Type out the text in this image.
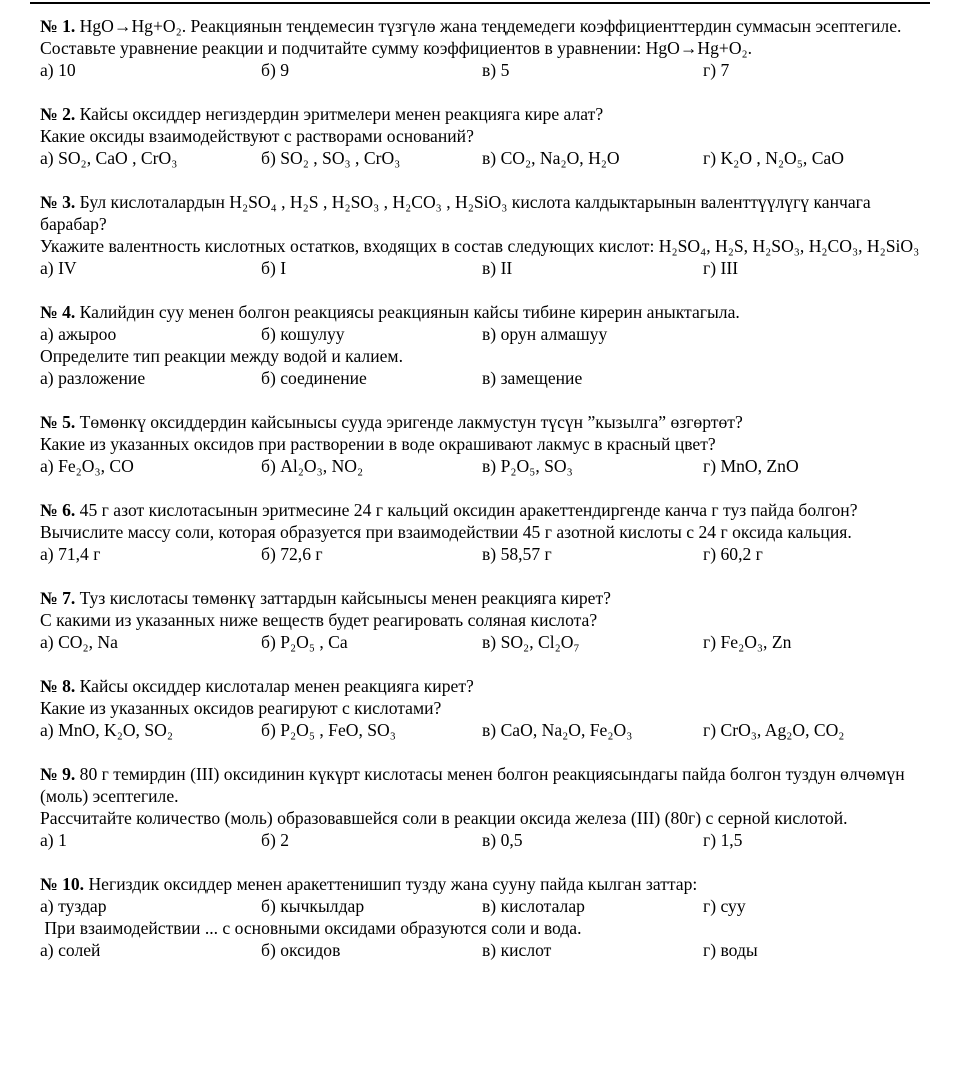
№ 1. HgO→Hg+O₂. Реакциянын теңдемесин түзгүлө жана теңдемедеги коэффициенттердин суммасын эсептегиле.
Составьте уравнение реакции и подчитайте сумму коэффициентов в уравнении: HgO→Hg+O₂.
а) 10	б) 9	в) 5	г) 7
№ 2. Кайсы оксиддер негиздердин эритмелери менен реакцияга кире алат?
Какие оксиды взаимодействуют с растворами оснований?
а) SO₂, CaO , CrO₃	б) SO₂ , SO₃ , CrO₃	в) CO₂, Na₂O, H₂O	г) K₂O , N₂O₅, CaO
№ 3. Бул кислоталардын H₂SO₄ , H₂S , H₂SO₃ , H₂CO₃ , H₂SiO₃ кислота калдыктарынын валенттүүлүгү канчага барабар?
Укажите валентность кислотных остатков, входящих в состав следующих кислот: H₂SO₄, H₂S, H₂SO₃, H₂CO₃, H₂SiO₃
а) IV	б) I	в) II	г) III
№ 4. Калийдин суу менен болгон реакциясы реакциянын кайсы тибине кирерин аныктагыла.
а) ажыроо	б) кошулуу	в) орун алмашуу
Определите тип реакции между водой и калием.
а) разложение	б) соединение	в) замещение
№ 5. Төмөнкү оксиддердин кайсынысы сууда эригенде лакмустун түсүн ”кызылга” өзгөртөт?
Какие из указанных оксидов при растворении в воде окрашивают лакмус в красный цвет?
а) Fe₂O₃, CO	б) Al₂O₃, NO₂	в) P₂O₅, SO₃	г) MnO, ZnO
№ 6. 45 г азот кислотасынын эритмесине 24 г кальций оксидин аракеттендиргенде канча г туз пайда болгон?
Вычислите массу соли, которая образуется при взаимодействии 45 г азотной кислоты с 24 г оксида кальция.
а) 71,4 г	б) 72,6 г	в) 58,57 г	г) 60,2 г
№ 7. Туз кислотасы төмөнкү заттардын кайсынысы менен реакцияга кирет?
С какими из указанных ниже веществ будет реагировать соляная кислота?
а) CO₂, Na	б) P₂O₅ , Ca	в) SO₂, Cl₂O₇	г) Fe₂O₃, Zn
№ 8. Кайсы оксиддер кислоталар менен реакцияга кирет?
Какие из указанных оксидов реагируют с кислотами?
а) MnO, K₂O, SO₂	б) P₂O₅ , FeO, SO₃	в) CaO, Na₂O, Fe₂O₃	г) CrO₃, Ag₂O, CO₂
№ 9. 80 г темирдин (III) оксидинин күкүрт кислотасы менен болгон реакциясындагы пайда болгон туздун өлчөмүн (моль) эсептегиле.
Рассчитайте количество (моль) образовавшейся соли в реакции оксида железа (III) (80г) с серной кислотой.
а) 1	б) 2	в) 0,5	г) 1,5
№ 10. Негиздик оксиддер менен аракеттенишип тузду жана сууну пайда кылган заттар:
а) туздар	б) кычкылдар	в) кислоталар	г) суу
При взаимодействии ... с основными оксидами образуются соли и вода.
а) солей	б) оксидов	в) кислот	г) воды
